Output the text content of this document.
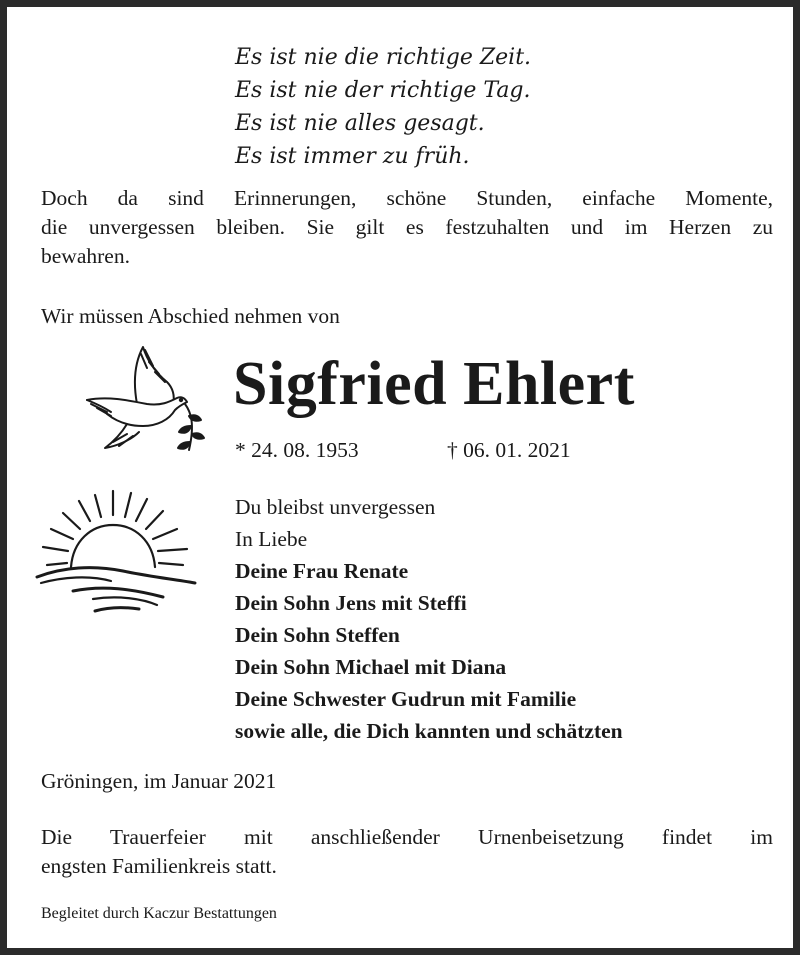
Es ist nie die richtige Zeit.
Es ist nie der richtige Tag.
Es ist nie alles gesagt.
Es ist immer zu früh.
Doch da sind Erinnerungen, schöne Stunden, einfache Momente,
die unvergessen bleiben. Sie gilt es festzuhalten und im Herzen zu
bewahren.
Wir müssen Abschied nehmen von
Sigfried Ehlert
* 24. 08. 1953	† 06. 01. 2021
Du bleibst unvergessen
In Liebe
Deine Frau Renate
Dein Sohn Jens mit Steffi
Dein Sohn Steffen
Dein Sohn Michael mit Diana
Deine Schwester Gudrun mit Familie
sowie alle, die Dich kannten und schätzten
Gröningen, im Januar 2021
Die Trauerfeier mit anschließender Urnenbeisetzung findet im
engsten Familienkreis statt.
Begleitet durch Kaczur Bestattungen
